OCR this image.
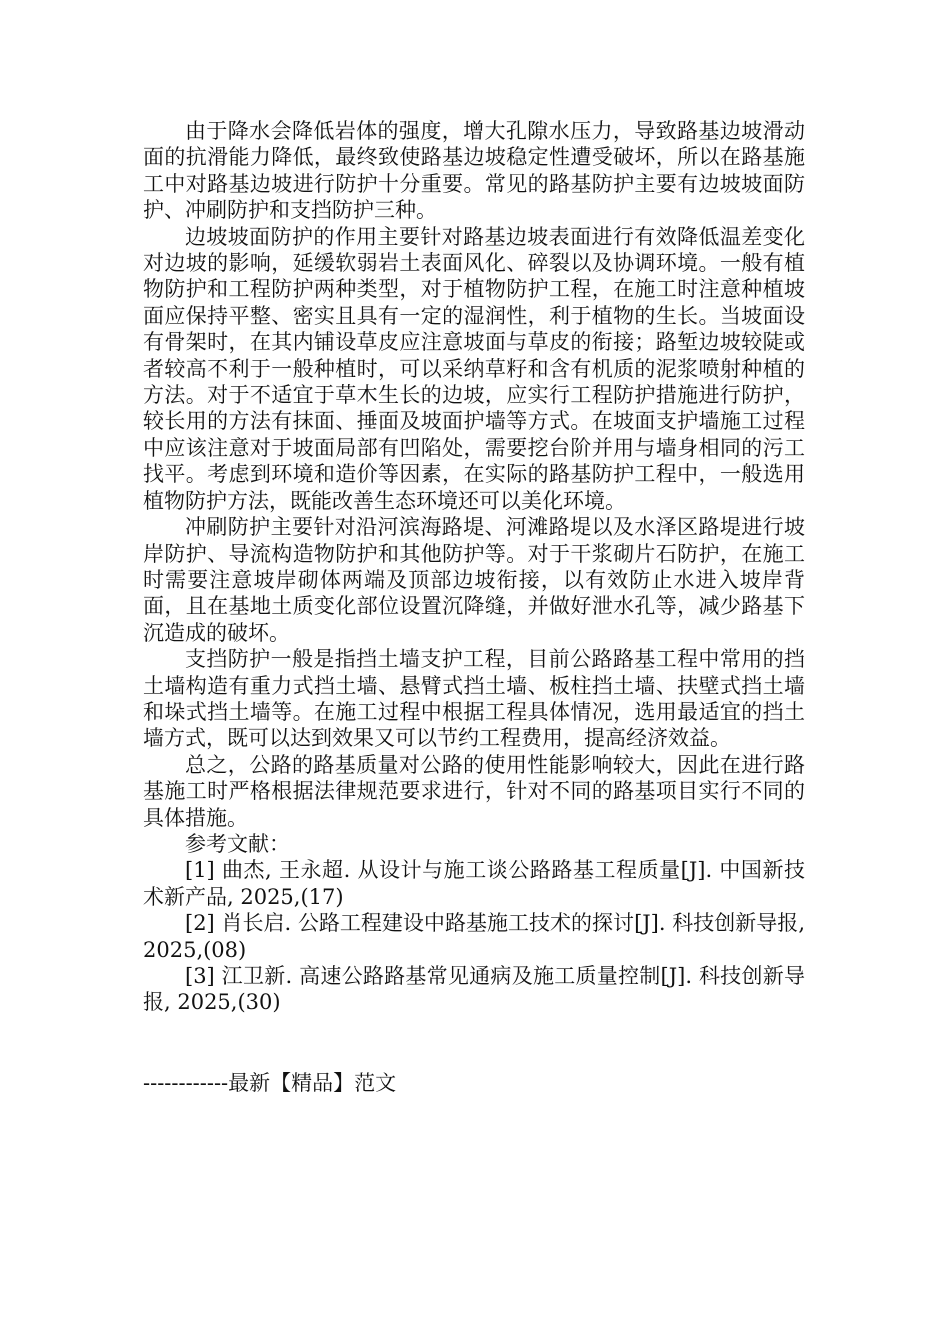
由于降水会降低岩体的强度，增大孔隙水压力，导致路基边坡滑动面的抗滑能力降低，最终致使路基边坡稳定性遭受破坏，所以在路基施工中对路基边坡进行防护十分重要。常见的路基防护主要有边坡坡面防护、冲刷防护和支挡防护三种。

边坡坡面防护的作用主要针对路基边坡表面进行有效降低温差变化对边坡的影响，延缓软弱岩土表面风化、碎裂以及协调环境。一般有植物防护和工程防护两种类型，对于植物防护工程，在施工时注意种植坡面应保持平整、密实且具有一定的湿润性，利于植物的生长。当坡面设有骨架时，在其内铺设草皮应注意坡面与草皮的衔接；路堑边坡较陡或者较高不利于一般种植时，可以采纳草籽和含有机质的泥浆喷射种植的方法。对于不适宜于草木生长的边坡，应实行工程防护措施进行防护，较长用的方法有抹面、捶面及坡面护墙等方式。在坡面支护墙施工过程中应该注意对于坡面局部有凹陷处，需要挖台阶并用与墙身相同的污工找平。考虑到环境和造价等因素，在实际的路基防护工程中，一般选用植物防护方法，既能改善生态环境还可以美化环境。

冲刷防护主要针对沿河滨海路堤、河滩路堤以及水泽区路堤进行坡岸防护、导流构造物防护和其他防护等。对于干浆砌片石防护，在施工时需要注意坡岸砌体两端及顶部边坡衔接，以有效防止水进入坡岸背面，且在基地土质变化部位设置沉降缝，并做好泄水孔等，减少路基下沉造成的破坏。

支挡防护一般是指挡土墙支护工程，目前公路路基工程中常用的挡土墙构造有重力式挡土墙、悬臂式挡土墙、板柱挡土墙、扶壁式挡土墙和垛式挡土墙等。在施工过程中根据工程具体情况，选用最适宜的挡土墙方式，既可以达到效果又可以节约工程费用，提高经济效益。

总之，公路的路基质量对公路的使用性能影响较大，因此在进行路基施工时严格根据法律规范要求进行，针对不同的路基项目实行不同的具体措施。

参考文献：

[1] 曲杰, 王永超. 从设计与施工谈公路路基工程质量[J]. 中国新技术新产品, 2025,(17)

[2] 肖长启. 公路工程建设中路基施工技术的探讨[J]. 科技创新导报, 2025,(08)

[3] 江卫新. 高速公路路基常见通病及施工质量控制[J]. 科技创新导报, 2025,(30)

------------最新【精品】范文
